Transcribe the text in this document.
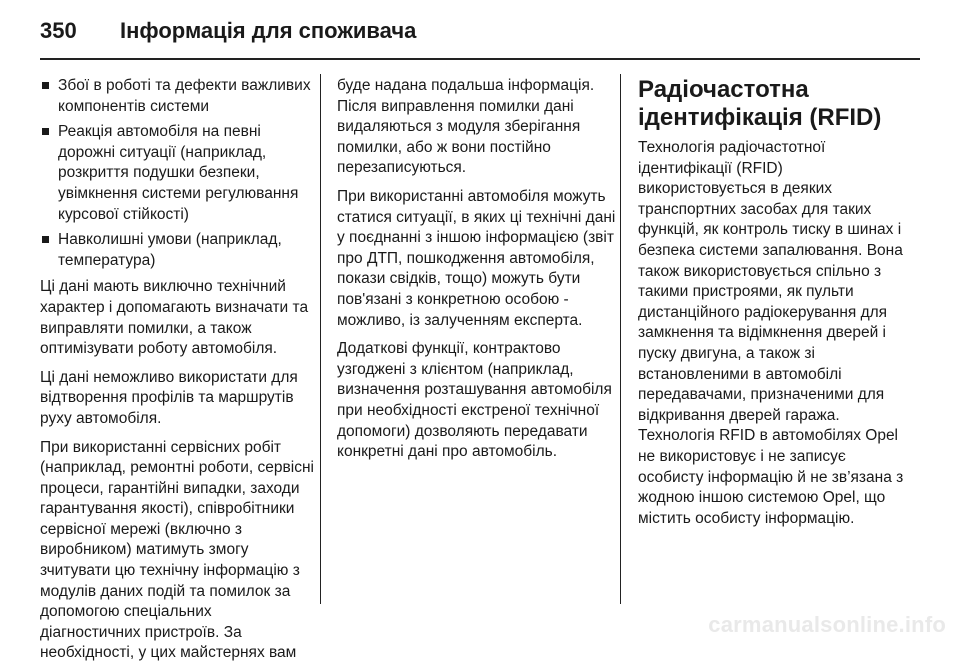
350	Інформація для споживача
Збої в роботі та дефекти важливих компонентів системи
Реакція автомобіля на певні дорожні ситуації (наприклад, розкриття подушки безпеки, увімкнення системи регулювання курсової стійкості)
Навколишні умови (наприклад, температура)

Ці дані мають виключно технічний характер і допомагають визначати та виправляти помилки, а також оптимізувати роботу автомобіля.

Ці дані неможливо використати для відтворення профілів та маршрутів руху автомобіля.

При використанні сервісних робіт (наприклад, ремонтні роботи, сервісні процеси, гарантійні випадки, заходи гарантування якості), співробітники сервісної мережі (включно з виробником) матимуть змогу зчитувати цю технічну інформацію з модулів даних подій та помилок за допомогою спеціальних діагностичних пристроїв. За необхідності, у цих майстернях вам

буде надана подальша інформація. Після виправлення помилки дані видаляються з модуля зберігання помилки, або ж вони постійно перезаписуються.

При використанні автомобіля можуть статися ситуації, в яких ці технічні дані у поєднанні з іншою інформацією (звіт про ДТП, пошкодження автомобіля, покази свідків, тощо) можуть бути пов'язані з конкретною особою - можливо, із залученням експерта.

Додаткові функції, контрактово узгоджені з клієнтом (наприклад, визначення розташування автомобіля при необхідності екстреної технічної допомоги) дозволяють передавати конкретні дані про автомобіль.

Радіочастотна ідентифікація (RFID)

Технологія радіочастотної ідентифікації (RFID) використовується в деяких транспортних засобах для таких функцій, як контроль тиску в шинах і безпека системи запалювання. Вона також використовується спільно з такими пристроями, як пульти дистанційного радіокерування для замкнення та відімкнення дверей і пуску двигуна, а також зі встановленими в автомобілі передавачами, призначеними для відкривання дверей гаража. Технологія RFID в автомобілях Opel не використовує і не записує особисту інформацію й не зв’язана з жодною іншою системою Opel, що містить особисту інформацію.

carmanualsonline.info
